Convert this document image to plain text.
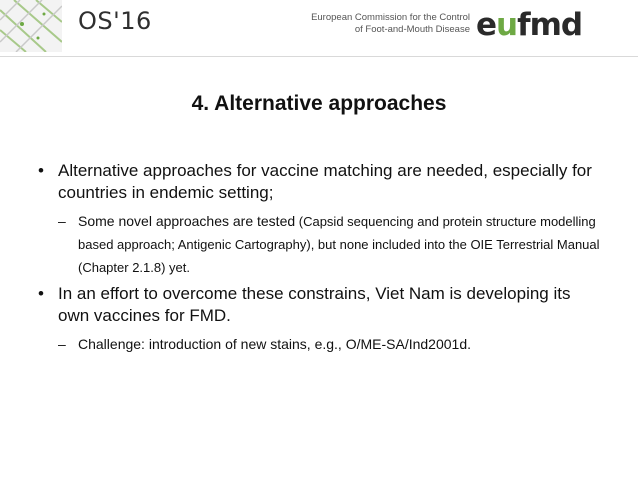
OS'16	European Commission for the Control
of Foot-and-Mouth Disease eufmd
4. Alternative approaches
• Alternative approaches for vaccine matching are needed, especially for countries in endemic setting;
– Some novel approaches are tested (Capsid sequencing and protein structure modelling based approach; Antigenic Cartography), but none included into the OIE Terrestrial Manual (Chapter 2.1.8) yet.
• In an effort to overcome these constrains, Viet Nam is developing its own vaccines for FMD.
– Challenge: introduction of new stains, e.g., O/ME-SA/Ind2001d.
